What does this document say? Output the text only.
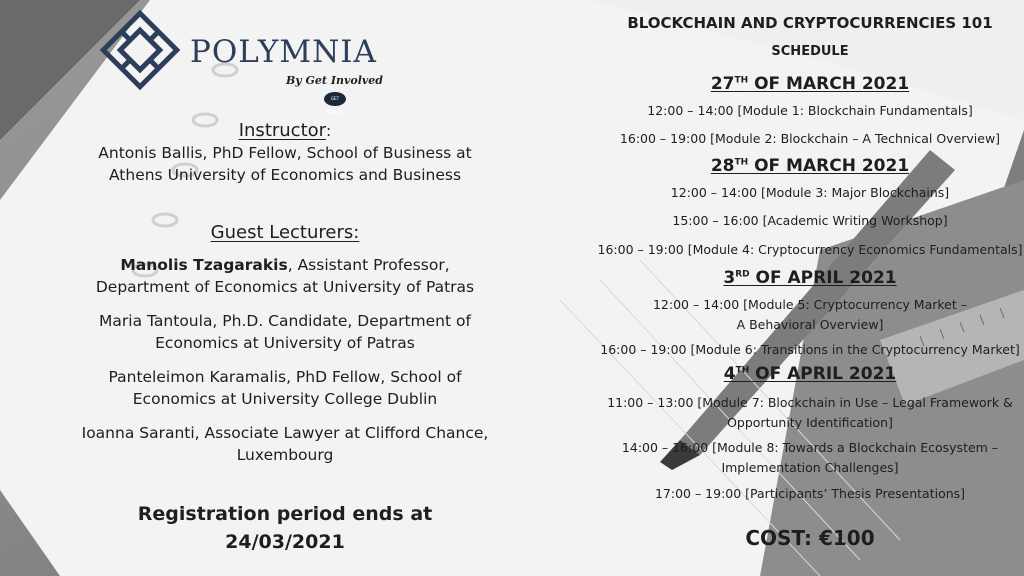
POLYMNIA
By Get Involved
GET INVOLVED
Instructor:
Antonis Ballis, PhD Fellow, School of Business at
Athens University of Economics and Business
Guest Lecturers:
Manolis Tzagarakis, Assistant Professor,
Department of Economics at University of Patras
Maria Tantoula, Ph.D. Candidate, Department of
Economics at University of Patras
Panteleimon Karamalis, PhD Fellow, School of
Economics at University College Dublin
Ioanna Saranti, Associate Lawyer at Clifford Chance,
Luxembourg
Registration period ends at
24/03/2021
BLOCKCHAIN AND CRYPTOCURRENCIES 101
SCHEDULE
27TH OF MARCH 2021
12:00 – 14:00 [Module 1: Blockchain Fundamentals]
16:00 – 19:00 [Module 2: Blockchain – A Technical Overview]
28TH OF MARCH 2021
12:00 – 14:00 [Module 3: Major Blockchains]
15:00 – 16:00 [Academic Writing Workshop]
16:00 – 19:00 [Module 4: Cryptocurrency Economics Fundamentals]
3RD OF APRIL 2021
12:00 – 14:00 [Module 5: Cryptocurrency Market –
A Behavioral Overview]
16:00 – 19:00 [Module 6: Transitions in the Cryptocurrency Market]
4TH OF APRIL 2021
11:00 – 13:00 [Module 7: Blockchain in Use – Legal Framework &
Opportunity Identification]
14:00 – 16:00 [Module 8: Towards a Blockchain Ecosystem –
Implementation Challenges]
17:00 – 19:00 [Participants’ Thesis Presentations]
COST: €100
